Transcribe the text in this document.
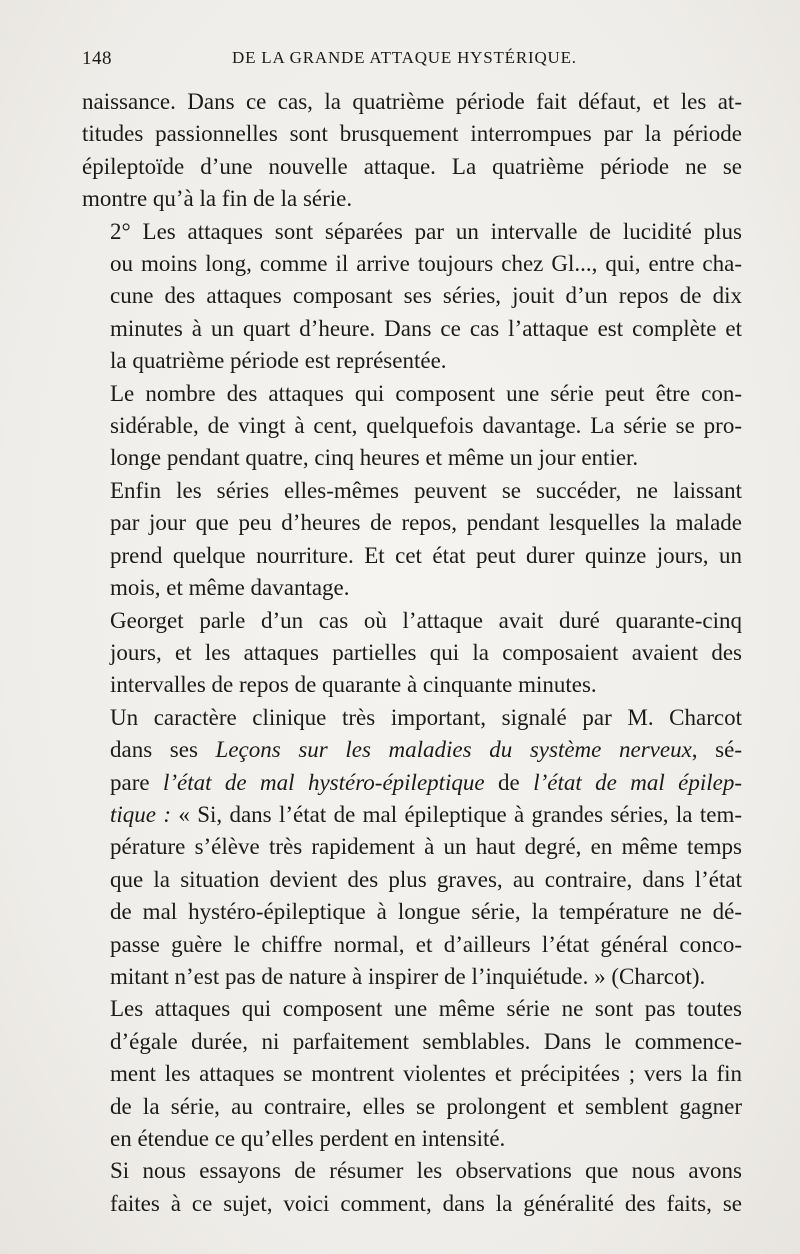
148	DE LA GRANDE ATTAQUE HYSTÉRIQUE.
naissance. Dans ce cas, la quatrième période fait défaut, et les at-
titudes passionnelles sont brusquement interrompues par la période
épileptoïde d’une nouvelle attaque. La quatrième période ne se
montre qu’à la fin de la série.
2° Les attaques sont séparées par un intervalle de lucidité plus
ou moins long, comme il arrive toujours chez Gl..., qui, entre cha-
cune des attaques composant ses séries, jouit d’un repos de dix
minutes à un quart d’heure. Dans ce cas l’attaque est complète et
la quatrième période est représentée.
Le nombre des attaques qui composent une série peut être con-
sidérable, de vingt à cent, quelquefois davantage. La série se pro-
longe pendant quatre, cinq heures et même un jour entier.
Enfin les séries elles-mêmes peuvent se succéder, ne laissant
par jour que peu d’heures de repos, pendant lesquelles la malade
prend quelque nourriture. Et cet état peut durer quinze jours, un
mois, et même davantage.
Georget parle d’un cas où l’attaque avait duré quarante-cinq
jours, et les attaques partielles qui la composaient avaient des
intervalles de repos de quarante à cinquante minutes.
Un caractère clinique très important, signalé par M. Charcot
dans ses Leçons sur les maladies du système nerveux, sé-
pare l’état de mal hystéro-épileptique de l’état de mal épilep-
tique : « Si, dans l’état de mal épileptique à grandes séries, la tem-
pérature s’élève très rapidement à un haut degré, en même temps
que la situation devient des plus graves, au contraire, dans l’état
de mal hystéro-épileptique à longue série, la température ne dé-
passe guère le chiffre normal, et d’ailleurs l’état général conco-
mitant n’est pas de nature à inspirer de l’inquiétude. » (Charcot).
Les attaques qui composent une même série ne sont pas toutes
d’égale durée, ni parfaitement semblables. Dans le commence-
ment les attaques se montrent violentes et précipitées ; vers la fin
de la série, au contraire, elles se prolongent et semblent gagner
en étendue ce qu’elles perdent en intensité.
Si nous essayons de résumer les observations que nous avons
faites à ce sujet, voici comment, dans la généralité des faits, se
